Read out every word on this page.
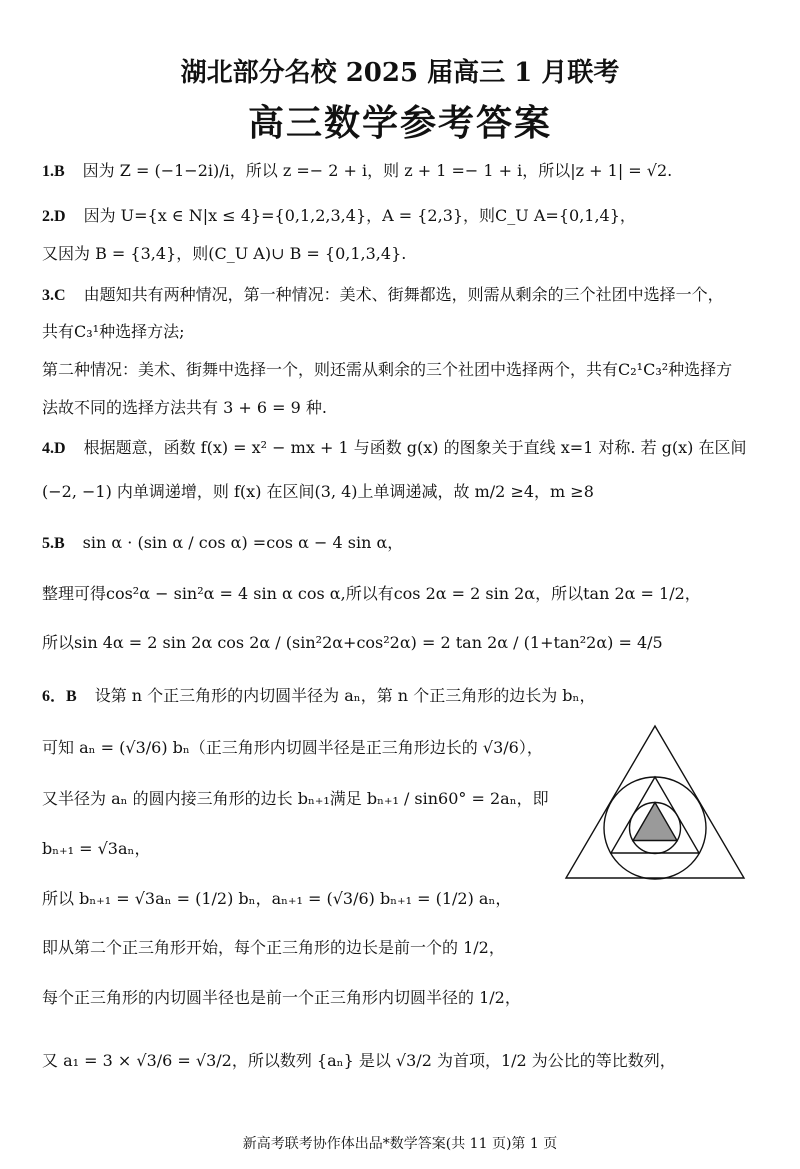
湖北部分名校 2025 届高三 1 月联考
高三数学参考答案
1.B 因为 Z = (−1−2i)/i，所以 z =− 2 + i，则 z + 1 =− 1 + i，所以|z + 1| = √2.
2.D 因为 U={x ∈ N|x ≤ 4}={0,1,2,3,4}，A = {2,3}，则C_U A={0,1,4}，
又因为 B = {3,4}，则(C_U A)∪ B = {0,1,3,4}.
3.C 由题知共有两种情况，第一种情况：美术、街舞都选，则需从剩余的三个社团中选择一个，
共有C₃¹种选择方法;
第二种情况：美术、街舞中选择一个，则还需从剩余的三个社团中选择两个，共有C₂¹C₃²种选择方
法故不同的选择方法共有 3 + 6 = 9 种.
4.D 根据题意，函数 f(x) = x² − mx + 1 与函数 g(x) 的图象关于直线 x=1 对称. 若 g(x) 在区间
(−2, −1) 内单调递增，则 f(x) 在区间(3, 4)上单调递减，故 m/2 ≥4，m ≥8
5.B sin α · (sin α / cos α) =cos α − 4 sin α，
整理可得cos²α − sin²α = 4 sin α cos α,所以有cos 2α = 2 sin 2α，所以tan 2α = 1/2，
所以sin 4α = 2 sin 2α cos 2α / (sin²2α+cos²2α) = 2 tan 2α / (1+tan²2α) = 4/5
6．B 设第 n 个正三角形的内切圆半径为 aₙ，第 n 个正三角形的边长为 bₙ，
可知 aₙ = (√3/6) bₙ（正三角形内切圆半径是正三角形边长的 √3/6），
又半径为 aₙ 的圆内接三角形的边长 bₙ₊₁满足 bₙ₊₁ / sin60° = 2aₙ，即
bₙ₊₁ = √3aₙ，
所以 bₙ₊₁ = √3aₙ = (1/2) bₙ，aₙ₊₁ = (√3/6) bₙ₊₁ = (1/2) aₙ，
即从第二个正三角形开始，每个正三角形的边长是前一个的 1/2，
每个正三角形的内切圆半径也是前一个正三角形内切圆半径的 1/2，
又 a₁ = 3 × √3/6 = √3/2，所以数列 {aₙ} 是以 √3/2 为首项，1/2 为公比的等比数列，
新高考联考协作体出品*数学答案(共 11 页)第 1 页
